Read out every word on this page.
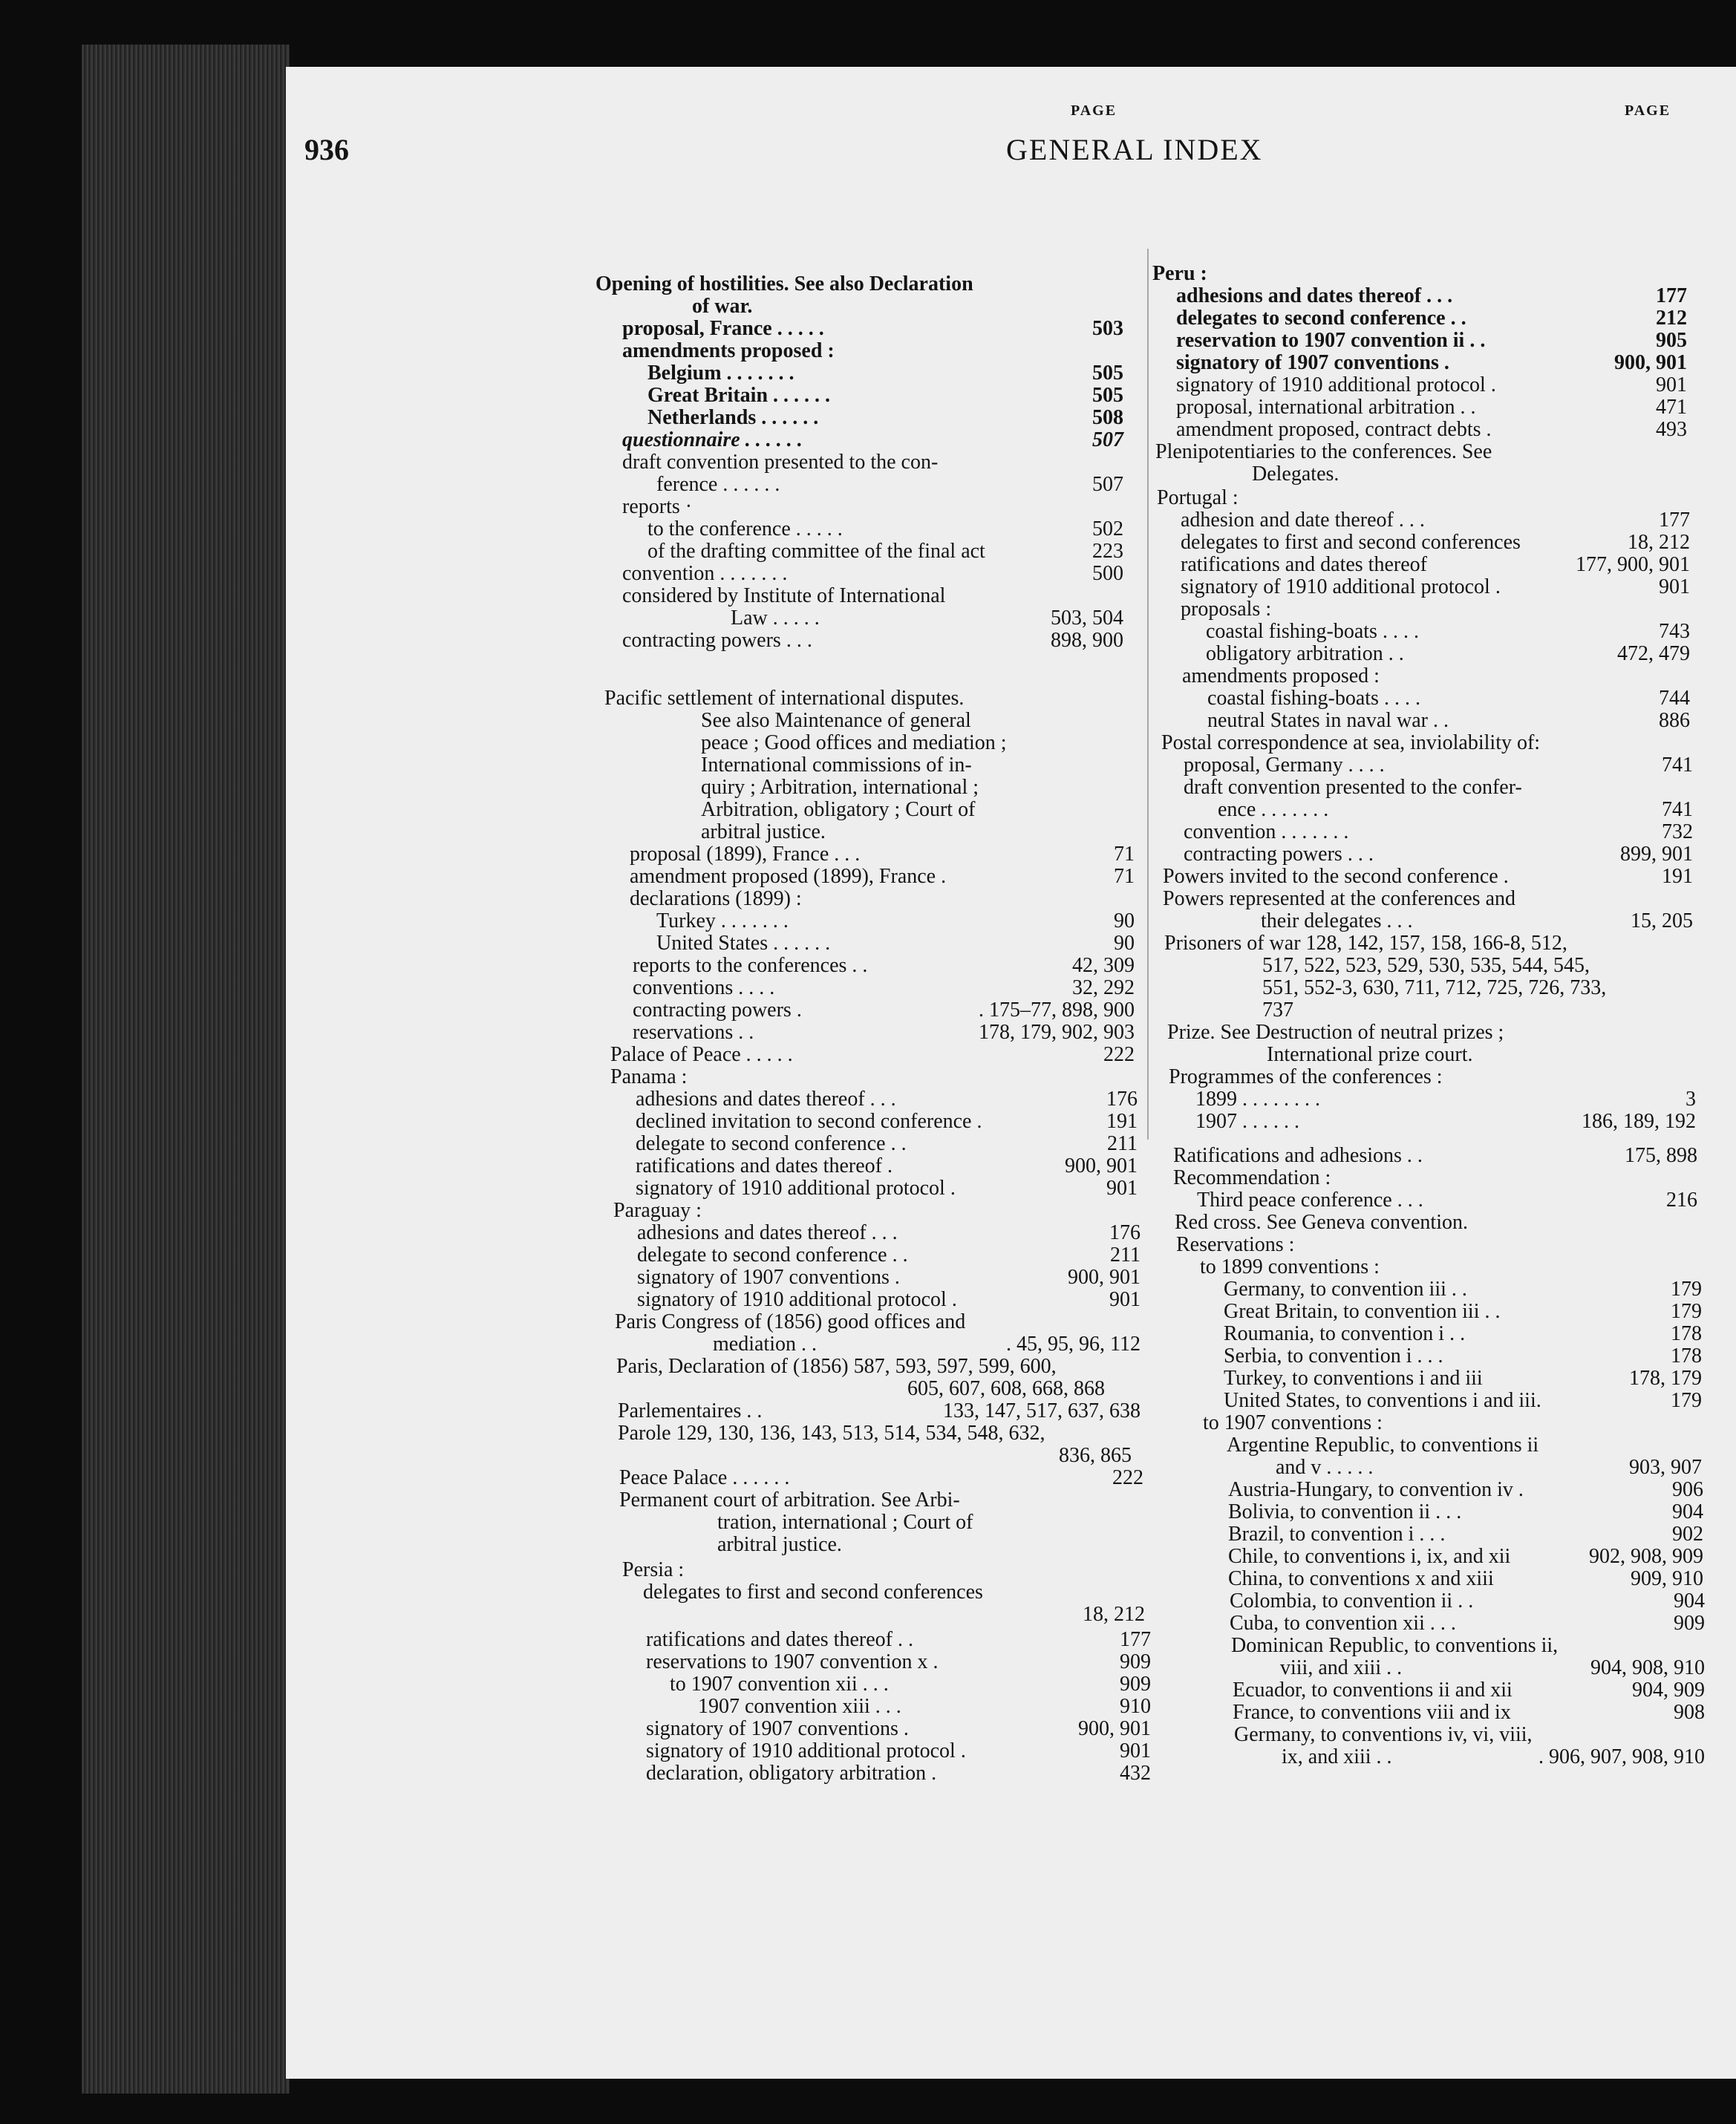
936	GENERAL INDEX
PAGE	PAGE
Opening of hostilities. See also Declaration
of war.
proposal, France . . . . .	503
amendments proposed :
Belgium . . . . . . .	505
Great Britain . . . . . .	505
Netherlands . . . . . .	508
questionnaire . . . . . .	507
draft convention presented to the con-
ference . . . . . .	507
reports ·
to the conference . . . . .	502
of the drafting committee of the final act	223
convention . . . . . . .	500
considered by Institute of International
Law . . . . .	503, 504
contracting powers . . .	898, 900
Pacific settlement of international disputes.
See also Maintenance of general
peace ; Good offices and mediation ;
International commissions of in-
quiry ; Arbitration, international ;
Arbitration, obligatory ; Court of
arbitral justice.
proposal (1899), France . . .	71
amendment proposed (1899), France .	71
declarations (1899) :
Turkey . . . . . . .	90
United States . . . . . .	90
reports to the conferences . .	42, 309
conventions . . . .	32, 292
contracting powers .	. 175–77, 898, 900
reservations . .	178, 179, 902, 903
Palace of Peace . . . . .	222
Panama :
adhesions and dates thereof . . .	176
declined invitation to second conference .	191
delegate to second conference . .	211
ratifications and dates thereof .	900, 901
signatory of 1910 additional protocol .	901
Paraguay :
adhesions and dates thereof . . .	176
delegate to second conference . .	211
signatory of 1907 conventions .	900, 901
signatory of 1910 additional protocol .	901
Paris Congress of (1856) good offices and
mediation . .	. 45, 95, 96, 112
Paris, Declaration of (1856) 587, 593, 597, 599, 600,
605, 607, 608, 668, 868
Parlementaires . .	133, 147, 517, 637, 638
Parole 129, 130, 136, 143, 513, 514, 534, 548, 632,
836, 865
Peace Palace . . . . . .	222
Permanent court of arbitration. See Arbi-
tration, international ; Court of
arbitral justice.
Persia :
delegates to first and second conferences
18, 212
ratifications and dates thereof . .	177
reservations to 1907 convention x .	909
to 1907 convention xii . . .	909
1907 convention xiii . . .	910
signatory of 1907 conventions .	900, 901
signatory of 1910 additional protocol .	901
declaration, obligatory arbitration .	432
Peru :
adhesions and dates thereof . . .	177
delegates to second conference . .	212
reservation to 1907 convention ii . .	905
signatory of 1907 conventions .	900, 901
signatory of 1910 additional protocol .	901
proposal, international arbitration . .	471
amendment proposed, contract debts .	493
Plenipotentiaries to the conferences. See
Delegates.
Portugal :
adhesion and date thereof . . .	177
delegates to first and second conferences	18, 212
ratifications and dates thereof	177, 900, 901
signatory of 1910 additional protocol .	901
proposals :
coastal fishing-boats . . . .	743
obligatory arbitration . .	472, 479
amendments proposed :
coastal fishing-boats . . . .	744
neutral States in naval war . .	886
Postal correspondence at sea, inviolability of:
proposal, Germany . . . .	741
draft convention presented to the confer-
ence . . . . . . .	741
convention . . . . . . .	732
contracting powers . . .	899, 901
Powers invited to the second conference .	191
Powers represented at the conferences and
their delegates . . .	15, 205
Prisoners of war 128, 142, 157, 158, 166-8, 512,
517, 522, 523, 529, 530, 535, 544, 545,
551, 552-3, 630, 711, 712, 725, 726, 733,
737
Prize. See Destruction of neutral prizes ;
International prize court.
Programmes of the conferences :
1899 . . . . . . . .	3
1907 . . . . . .	186, 189, 192
Ratifications and adhesions . .	175, 898
Recommendation :
Third peace conference . . .	216
Red cross. See Geneva convention.
Reservations :
to 1899 conventions :
Germany, to convention iii . .	179
Great Britain, to convention iii . .	179
Roumania, to convention i . .	178
Serbia, to convention i . . .	178
Turkey, to conventions i and iii	178, 179
United States, to conventions i and iii.	179
to 1907 conventions :
Argentine Republic, to conventions ii
and v . . . . .	903, 907
Austria-Hungary, to convention iv .	906
Bolivia, to convention ii . . .	904
Brazil, to convention i . . .	902
Chile, to conventions i, ix, and xii	902, 908, 909
China, to conventions x and xiii	909, 910
Colombia, to convention ii . .	904
Cuba, to convention xii . . .	909
Dominican Republic, to conventions ii,
viii, and xiii . .	904, 908, 910
Ecuador, to conventions ii and xii	904, 909
France, to conventions viii and ix	908
Germany, to conventions iv, vi, viii,
ix, and xiii . .	. 906, 907, 908, 910
